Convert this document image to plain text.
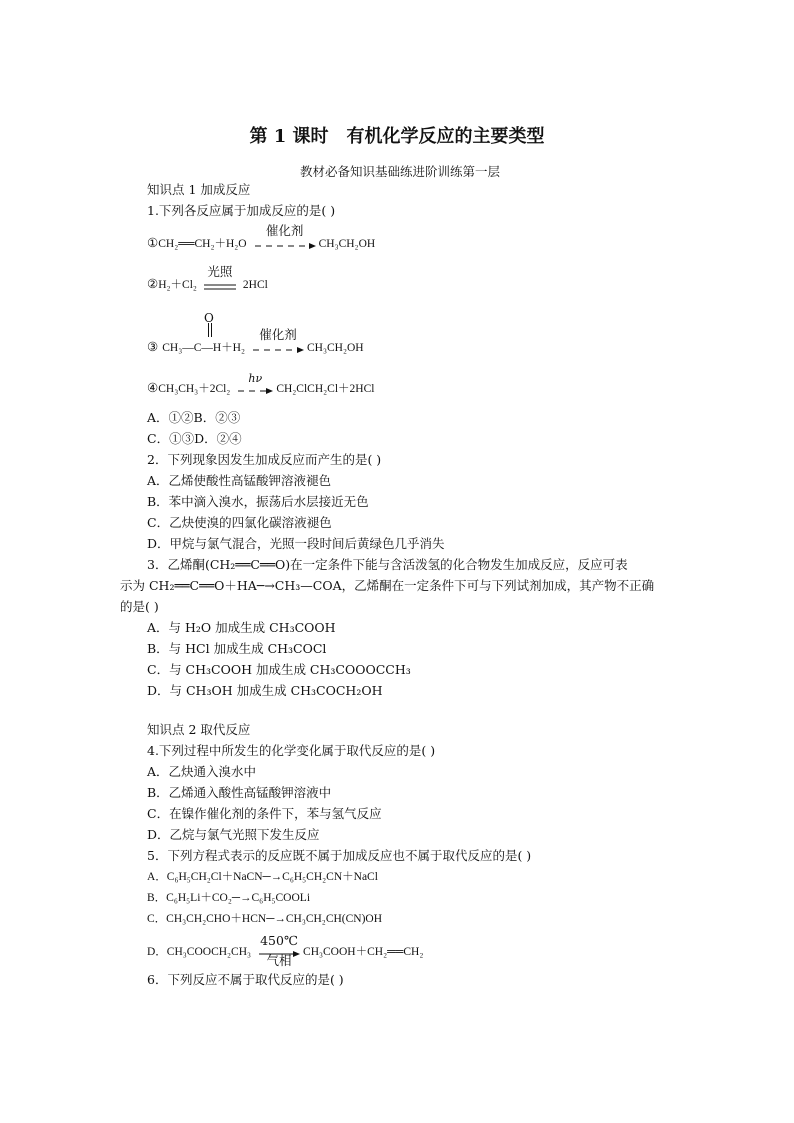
第 1 课时 有机化学反应的主要类型
教材必备知识基础练进阶训练第一层
知识点 1 加成反应
1.下列各反应属于加成反应的是( )
①CH₂══CH₂＋H₂O
催化剂
CH₃CH₂OH
②H₂＋Cl₂
光照
2HCl
O
③ CH₃—C—H＋H₂
催化剂
CH₃CH₂OH
④CH₃CH₃＋2Cl₂
hν
CH₂ClCH₂Cl＋2HCl
A．①②B．②③
C．①③D．②④
2．下列现象因发生加成反应而产生的是( )
A．乙烯使酸性高锰酸钾溶液褪色
B．苯中滴入溴水，振荡后水层接近无色
C．乙炔使溴的四氯化碳溶液褪色
D．甲烷与氯气混合，光照一段时间后黄绿色几乎消失
3．乙烯酮(CH₂══C══O)在一定条件下能与含活泼氢的化合物发生加成反应，反应可表
示为 CH₂══C══O＋HA─→CH₃—COA，乙烯酮在一定条件下可与下列试剂加成，其产物不正确
的是( )
A．与 H₂O 加成生成 CH₃COOH
B．与 HCl 加成生成 CH₃COCl
C．与 CH₃COOH 加成生成 CH₃COOOCCH₃
D．与 CH₃OH 加成生成 CH₃COCH₂OH
知识点 2 取代反应
4.下列过程中所发生的化学变化属于取代反应的是( )
A．乙炔通入溴水中
B．乙烯通入酸性高锰酸钾溶液中
C．在镍作催化剂的条件下，苯与氢气反应
D．乙烷与氯气光照下发生反应
5．下列方程式表示的反应既不属于加成反应也不属于取代反应的是( )
A．C₆H₅CH₂Cl＋NaCN─→C₆H₅CH₂CN＋NaCl
B．C₆H₅Li＋CO₂─→C₆H₅COOLi
C．CH₃CH₂CHO＋HCN─→CH₃CH₂CH(CN)OH
D．CH₃COOCH₂CH₃
450℃
气相
CH₃COOH＋CH₂══CH₂
6．下列反应不属于取代反应的是( )
